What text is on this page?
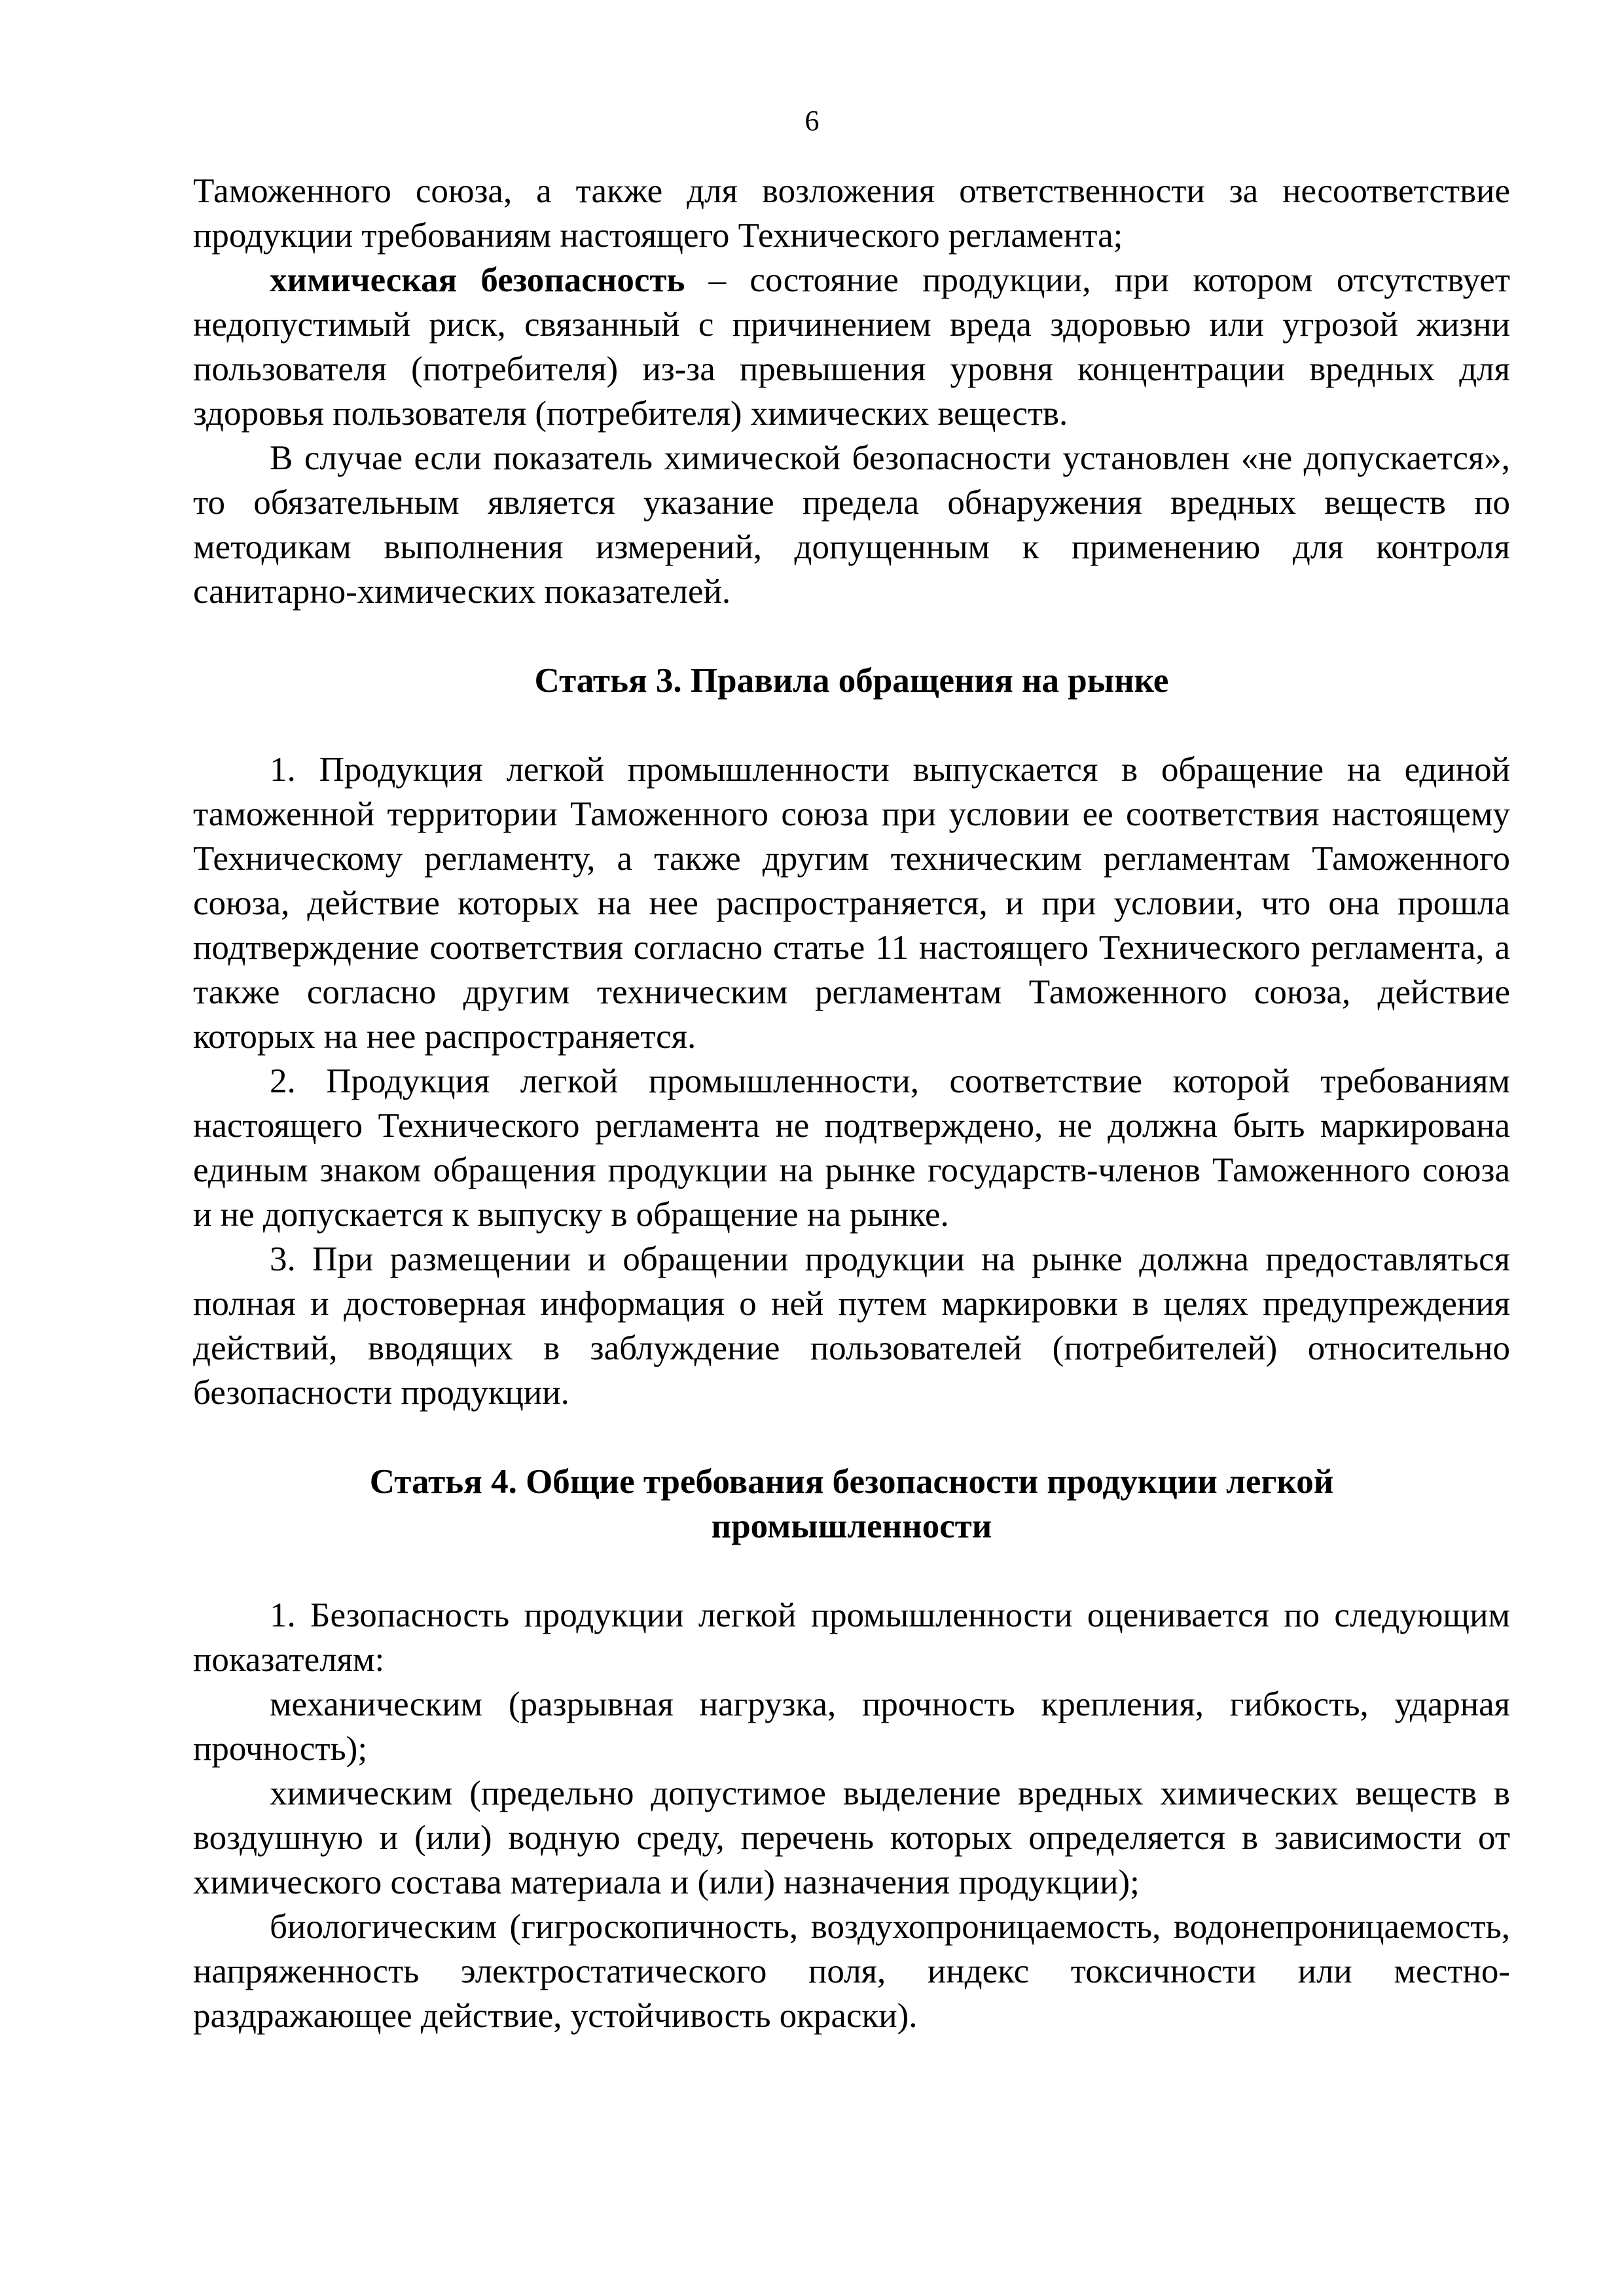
6

Таможенного союза, а также для возложения ответственности за несоответствие продукции требованиям настоящего Технического регламента;

химическая безопасность – состояние продукции, при котором отсутствует недопустимый риск, связанный с причинением вреда здоровью или угрозой жизни пользователя (потребителя) из-за превышения уровня концентрации вредных для здоровья пользователя (потребителя) химических веществ.

В случае если показатель химической безопасности установлен «не допускается», то обязательным является указание предела обнаружения вредных веществ по методикам выполнения измерений, допущенным к применению для контроля санитарно-химических показателей.

Статья 3. Правила обращения на рынке

1. Продукция легкой промышленности выпускается в обращение на единой таможенной территории Таможенного союза при условии ее соответствия настоящему Техническому регламенту, а также другим техническим регламентам Таможенного союза, действие которых на нее распространяется, и при условии, что она прошла подтверждение соответствия согласно статье 11 настоящего Технического регламента, а также согласно другим техническим регламентам Таможенного союза, действие которых на нее распространяется.

2. Продукция легкой промышленности, соответствие которой требованиям настоящего Технического регламента не подтверждено, не должна быть маркирована единым знаком обращения продукции на рынке государств-членов Таможенного союза и не допускается к выпуску в обращение на рынке.

3. При размещении и обращении продукции на рынке должна предоставляться полная и достоверная информация о ней путем маркировки в целях предупреждения действий, вводящих в заблуждение пользователей (потребителей) относительно безопасности продукции.

Статья 4. Общие требования безопасности продукции легкой
промышленности

1. Безопасность продукции легкой промышленности оценивается по следующим показателям:

механическим (разрывная нагрузка, прочность крепления, гибкость, ударная прочность);

химическим (предельно допустимое выделение вредных химических веществ в воздушную и (или) водную среду, перечень которых определяется в зависимости от химического состава материала и (или) назначения продукции);

биологическим (гигроскопичность, воздухопроницаемость, водонепроницаемость, напряженность электростатического поля, индекс токсичности или местно-раздражающее действие, устойчивость окраски).
